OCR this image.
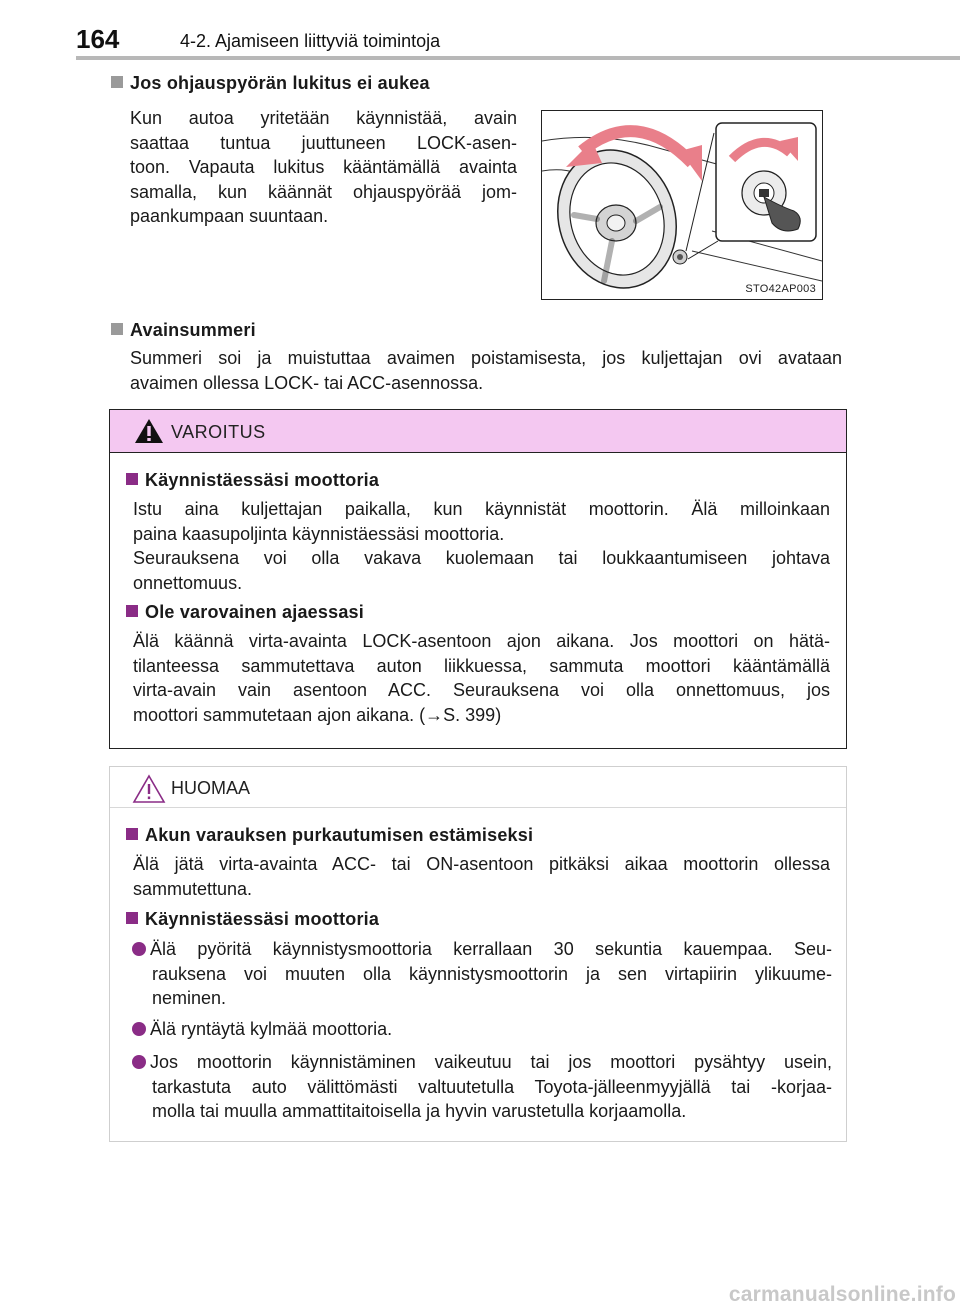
164	4-2. Ajamiseen liittyviä toimintoja
Jos ohjauspyörän lukitus ei aukea
Kun autoa yritetään käynnistää, avain
saattaa tuntua juuttuneen LOCK-asen-
toon. Vapauta lukitus kääntämällä avainta
samalla, kun käännät ohjauspyörää jom-
paankumpaan suuntaan.
STO42AP003
Avainsummeri
Summeri soi ja muistuttaa avaimen poistamisesta, jos kuljettajan ovi avataan
avaimen ollessa LOCK- tai ACC-asennossa.
VAROITUS
Käynnistäessäsi moottoria
Istu aina kuljettajan paikalla, kun käynnistät moottorin. Älä milloinkaan
paina kaasupoljinta käynnistäessäsi moottoria.
Seurauksena voi olla vakava kuolemaan tai loukkaantumiseen johtava
onnettomuus.
Ole varovainen ajaessasi
Älä käännä virta-avainta LOCK-asentoon ajon aikana. Jos moottori on hätä-
tilanteessa sammutettava auton liikkuessa, sammuta moottori kääntämällä
virta-avain vain asentoon ACC. Seurauksena voi olla onnettomuus, jos
moottori sammutetaan ajon aikana. (→S. 399)
HUOMAA
Akun varauksen purkautumisen estämiseksi
Älä jätä virta-avainta ACC- tai ON-asentoon pitkäksi aikaa moottorin ollessa
sammutettuna.
Käynnistäessäsi moottoria
Älä pyöritä käynnistysmoottoria kerrallaan 30 sekuntia kauempaa. Seu-
rauksena voi muuten olla käynnistysmoottorin ja sen virtapiirin ylikuume-
neminen.
Älä ryntäytä kylmää moottoria.
Jos moottorin käynnistäminen vaikeutuu tai jos moottori pysähtyy usein,
tarkastuta auto välittömästi valtuutetulla Toyota-jälleenmyyjällä tai -korjaa-
molla tai muulla ammattitaitoisella ja hyvin varustetulla korjaamolla.
carmanualsonline.info
